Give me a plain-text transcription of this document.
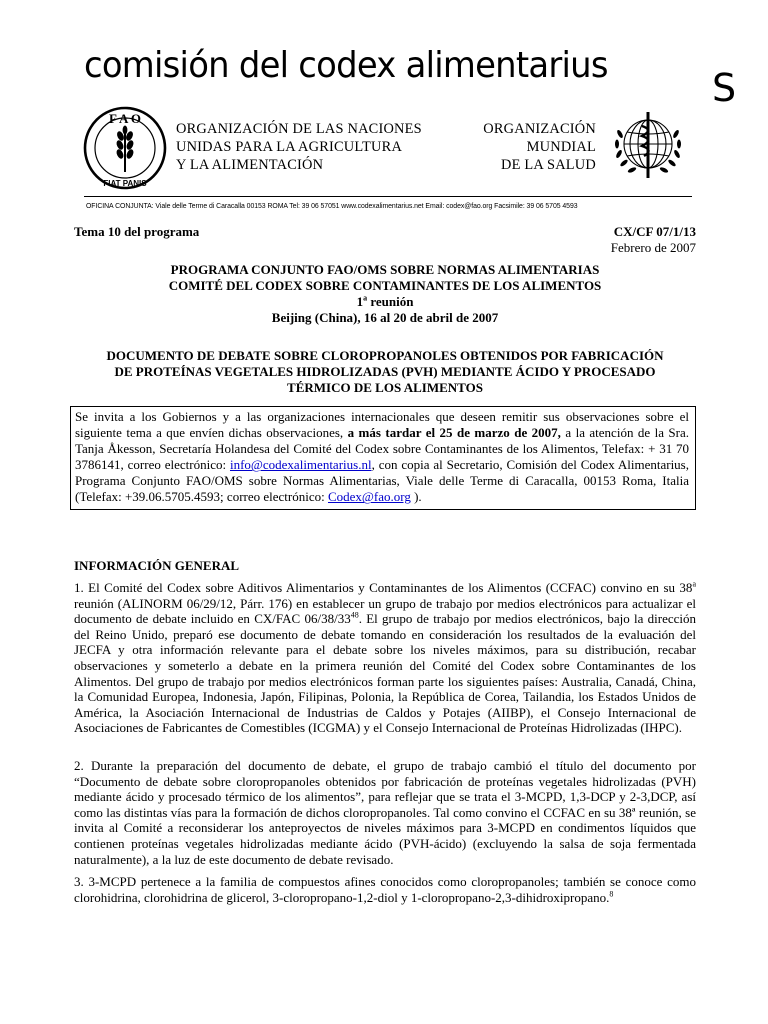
comisión del codex alimentarius
S
F A O
FIAT PANIS
ORGANIZACIÓN DE LAS NACIONES
UNIDAS PARA LA AGRICULTURA
Y LA ALIMENTACIÓN
ORGANIZACIÓN
MUNDIAL
DE LA SALUD
OFICINA CONJUNTA: Viale delle Terme di Caracalla 00153 ROMA Tel: 39 06 57051 www.codexalimentarius.net Email: codex@fao.org Facsimile: 39 06 5705 4593
Tema 10 del programa	CX/CF 07/1/13
Febrero de 2007
PROGRAMA CONJUNTO FAO/OMS SOBRE NORMAS ALIMENTARIAS
COMITÉ DEL CODEX SOBRE CONTAMINANTES DE LOS ALIMENTOS
1$^a$ reunión
Beijing (China), 16 al 20 de abril de 2007
DOCUMENTO DE DEBATE SOBRE CLOROPROPANOLES OBTENIDOS POR FABRICACIÓN
DE PROTEÍNAS VEGETALES HIDROLIZADAS (PVH) MEDIANTE ÁCIDO Y PROCESADO
TÉRMICO DE LOS ALIMENTOS
Se invita a los Gobiernos y a las organizaciones internacionales que deseen remitir sus observaciones sobre el siguiente tema a que envíen dichas observaciones, a más tardar el 25 de marzo de 2007, a la atención de la Sra. Tanja Åkesson, Secretaría Holandesa del Comité del Codex sobre Contaminantes de los Alimentos, Telefax: + 31 70 3786141, correo electrónico: info@codexalimentarius.nl, con copia al Secretario, Comisión del Codex Alimentarius, Programa Conjunto FAO/OMS sobre Normas Alimentarias, Viale delle Terme di Caracalla, 00153 Roma, Italia (Telefax: +39.06.5705.4593; correo electrónico: Codex@fao.org ).
INFORMACIÓN GENERAL
1. El Comité del Codex sobre Aditivos Alimentarios y Contaminantes de los Alimentos (CCFAC) convino en su 38$^a$ reunión (ALINORM 06/29/12, Párr. 176) en establecer un grupo de trabajo por medios electrónicos para actualizar el documento de debate incluido en CX/FAC $06/38/33^{48}$. El grupo de trabajo por medios electrónicos, bajo la dirección del Reino Unido, preparó ese documento de debate tomando en consideración los resultados de la evaluación del JECFA y otra información relevante para el debate sobre los niveles máximos, para su distribución, recabar observaciones y someterlo a debate en la primera reunión del Comité del Codex sobre Contaminantes de los Alimentos. Del grupo de trabajo por medios electrónicos forman parte los siguientes países: Australia, Canadá, China, la Comunidad Europea, Indonesia, Japón, Filipinas, Polonia, la República de Corea, Tailandia, los Estados Unidos de América, la Asociación Internacional de Industrias de Caldos y Potajes (AIIBP), el Consejo Internacional de Asociaciones de Fabricantes de Comestibles (ICGMA) y el Consejo Internacional de Proteínas Hidrolizadas (IHPC).
2. Durante la preparación del documento de debate, el grupo de trabajo cambió el título del documento por “Documento de debate sobre cloropropanoles obtenidos por fabricación de proteínas vegetales hidrolizadas (PVH) mediante ácido y procesado térmico de los alimentos”, para reflejar que se trata el 3-MCPD, 1,3-DCP y 2-3,DCP, así como las distintas vías para la formación de dichos cloropropanoles. Tal como convino el CCFAC en su 38ª reunión, se invita al Comité a reconsiderar los anteproyectos de niveles máximos para 3-MCPD en condimentos líquidos que contienen proteínas vegetales hidrolizadas mediante ácido (PVH-ácido) (excluyendo la salsa de soja fermentada naturalmente), a la luz de este documento de debate revisado.
3. 3-MCPD pertenece a la familia de compuestos afines conocidos como cloropropanoles; también se conoce como clorohidrina, clorohidrina de glicerol, 3-cloropropano-1,2-diol y 1-cloropropano-2,3-dihidroxipropano.$^8$
